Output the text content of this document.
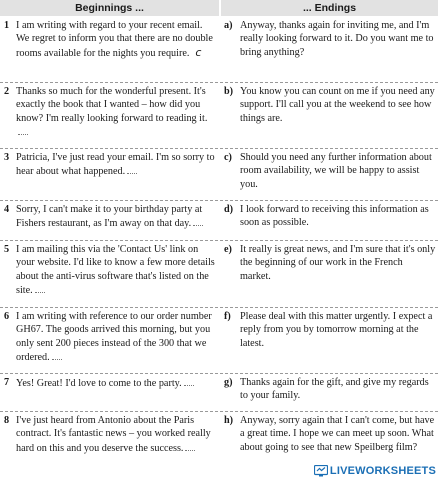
Beginnings ...	... Endings
1 I am writing with regard to your recent email. We regret to inform you that there are no double rooms available for the nights you require. c
a) Anyway, thanks again for inviting me, and I'm really looking forward to it. Do you want me to bring anything?
2 Thanks so much for the wonderful present. It's exactly the book that I wanted – how did you know? I'm really looking forward to reading it.
b) You know you can count on me if you need any support. I'll call you at the weekend to see how things are.
3 Patricia, I've just read your email. I'm so sorry to hear about what happened.
c) Should you need any further information about room availability, we will be happy to assist you.
4 Sorry, I can't make it to your birthday party at Fishers restaurant, as I'm away on that day.
d) I look forward to receiving this information as soon as possible.
5 I am mailing this via the 'Contact Us' link on your website. I'd like to know a few more details about the anti-virus software that's listed on the site.
e) It really is great news, and I'm sure that it's only the beginning of our work in the French market.
6 I am writing with reference to our order number GH67. The goods arrived this morning, but you only sent 200 pieces instead of the 300 that we ordered.
f) Please deal with this matter urgently. I expect a reply from you by tomorrow morning at the latest.
7 Yes! Great! I'd love to come to the party.	g) Thanks again for the gift, and give my regards to your family.
8 I've just heard from Antonio about the Paris contract. It's fantastic news – you worked really hard on this and you deserve the success.
h) Anyway, sorry again that I can't come, but have a great time. I hope we can meet up soon. What about going to see that new Speilberg film?
LIVEWORKSHEETS
